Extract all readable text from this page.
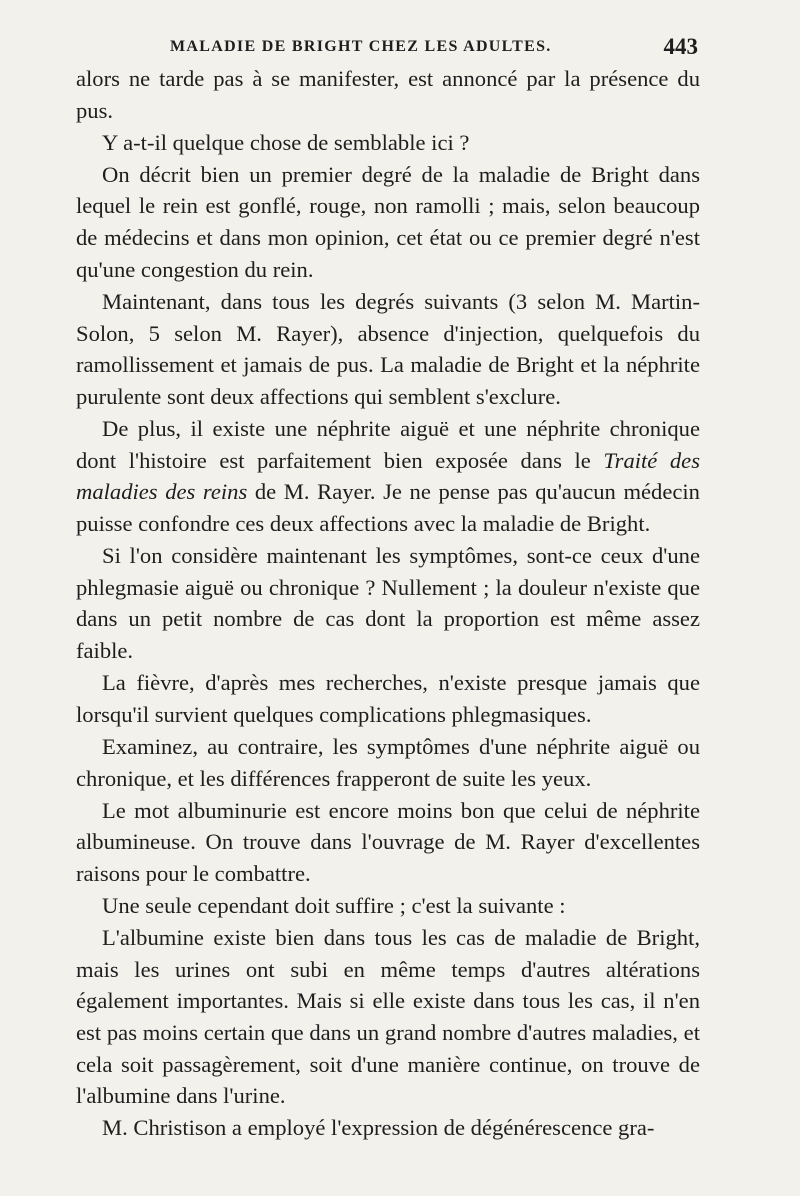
MALADIE DE BRIGHT CHEZ LES ADULTES.	443

alors ne tarde pas à se manifester, est annoncé par la présence du pus.

Y a-t-il quelque chose de semblable ici ?

On décrit bien un premier degré de la maladie de Bright dans lequel le rein est gonflé, rouge, non ramolli ; mais, selon beaucoup de médecins et dans mon opinion, cet état ou ce premier degré n'est qu'une congestion du rein.

Maintenant, dans tous les degrés suivants (3 selon M. Martin-Solon, 5 selon M. Rayer), absence d'injection, quelquefois du ramollissement et jamais de pus. La maladie de Bright et la néphrite purulente sont deux affections qui semblent s'exclure.

De plus, il existe une néphrite aiguë et une néphrite chronique dont l'histoire est parfaitement bien exposée dans le Traité des maladies des reins de M. Rayer. Je ne pense pas qu'aucun médecin puisse confondre ces deux affections avec la maladie de Bright.

Si l'on considère maintenant les symptômes, sont-ce ceux d'une phlegmasie aiguë ou chronique ? Nullement ; la douleur n'existe que dans un petit nombre de cas dont la proportion est même assez faible.

La fièvre, d'après mes recherches, n'existe presque jamais que lorsqu'il survient quelques complications phlegmasiques.

Examinez, au contraire, les symptômes d'une néphrite aiguë ou chronique, et les différences frapperont de suite les yeux.

Le mot albuminurie est encore moins bon que celui de néphrite albumineuse. On trouve dans l'ouvrage de M. Rayer d'excellentes raisons pour le combattre.

Une seule cependant doit suffire ; c'est la suivante :

L'albumine existe bien dans tous les cas de maladie de Bright, mais les urines ont subi en même temps d'autres altérations également importantes. Mais si elle existe dans tous les cas, il n'en est pas moins certain que dans un grand nombre d'autres maladies, et cela soit passagèrement, soit d'une manière continue, on trouve de l'albumine dans l'urine.

M. Christison a employé l'expression de dégénérescence gra-
